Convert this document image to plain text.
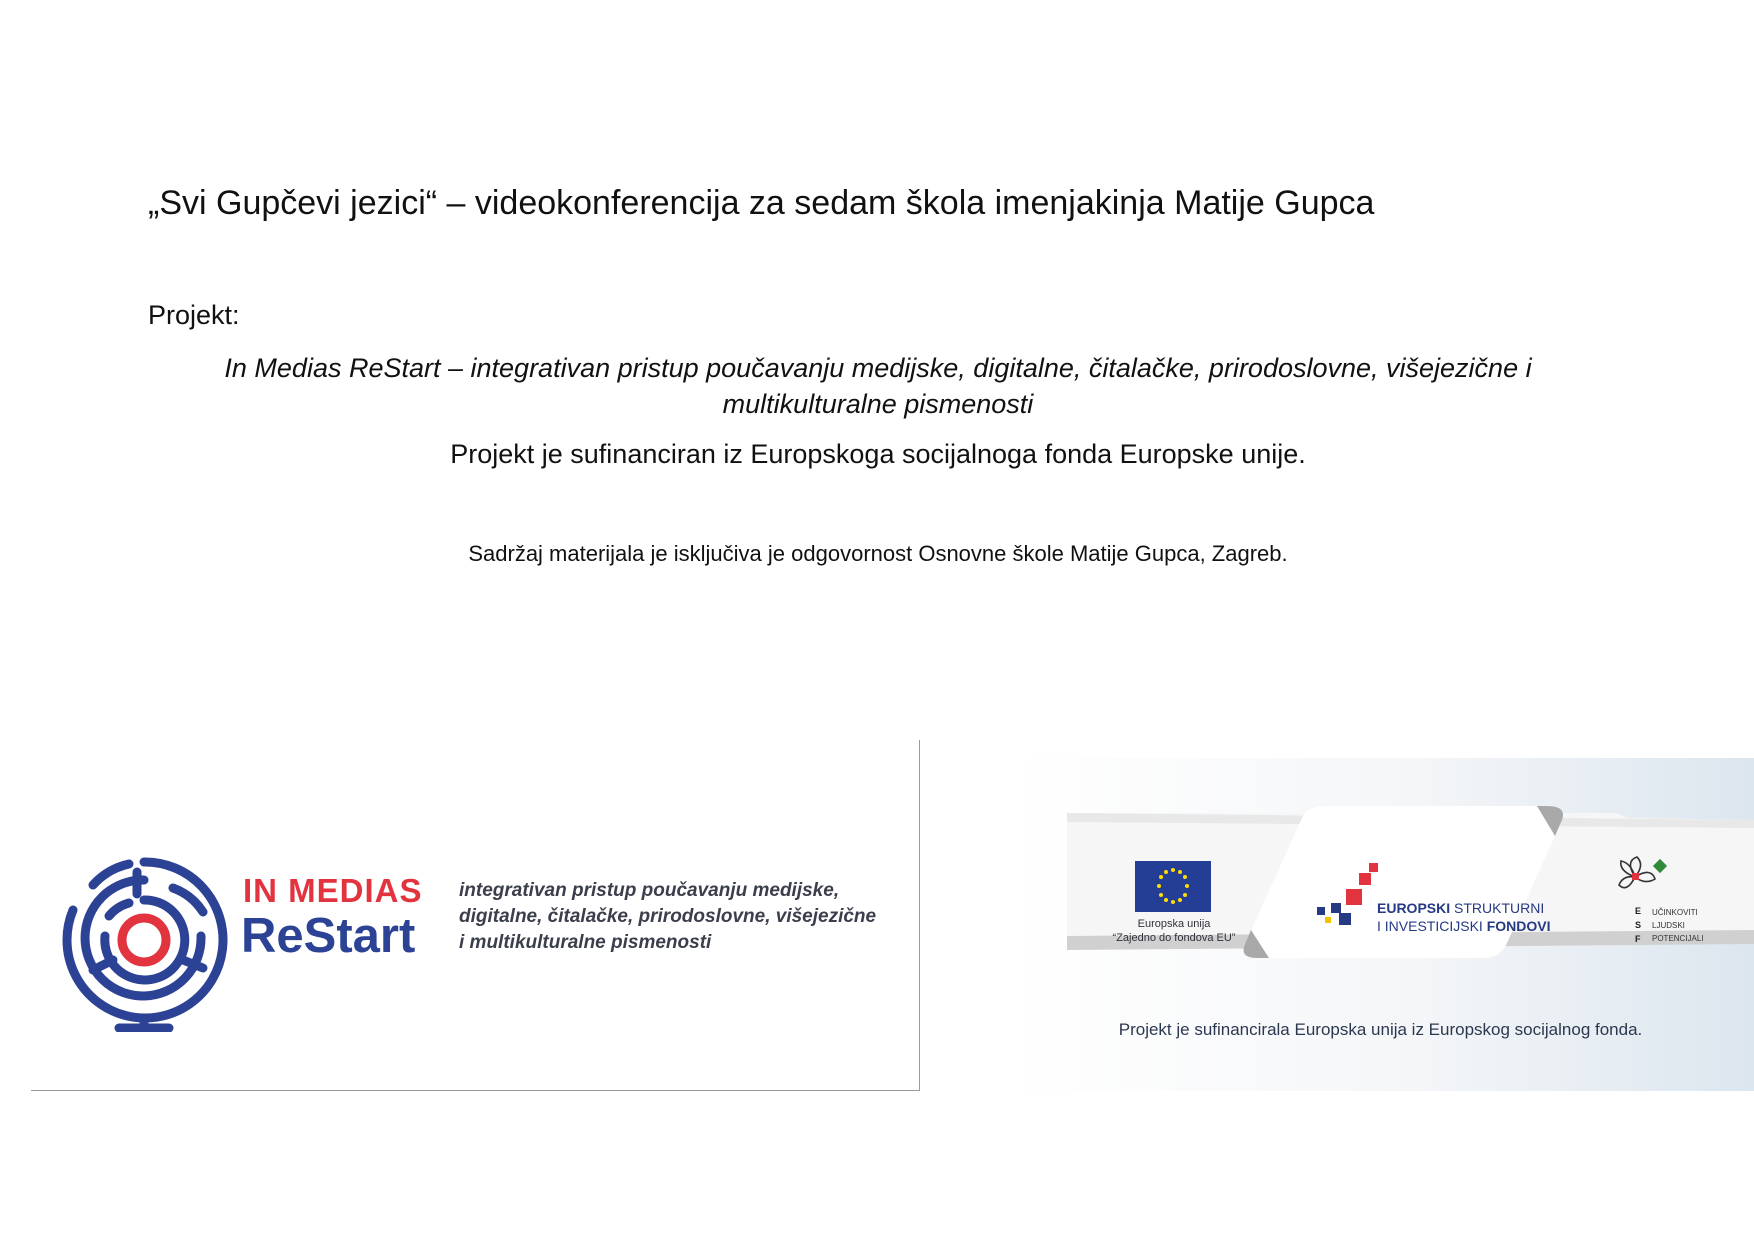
„Svi Gupčevi jezici“ – videokonferencija za sedam škola imenjakinja Matije Gupca
Projekt:
In Medias ReStart – integrativan pristup poučavanju medijske, digitalne, čitalačke, prirodoslovne, višejezične i multikulturalne pismenosti
Projekt je sufinanciran iz Europskoga socijalnoga fonda Europske unije.
Sadržaj materijala je isključiva je odgovornost Osnovne škole Matije Gupca, Zagreb.
IN MEDIAS
ReStart
integrativan pristup poučavanju medijske,
digitalne, čitalačke, prirodoslovne, višejezične
i multikulturalne pismenosti
Europska unija
“Zajedno do fondova EU”
EUROPSKI STRUKTURNI
I INVESTICIJSKI FONDOVI
E
S
F
UČINKOVITI
LJUDSKI
POTENCIJALI
Projekt je sufinancirala Europska unija iz Europskog socijalnog fonda.
